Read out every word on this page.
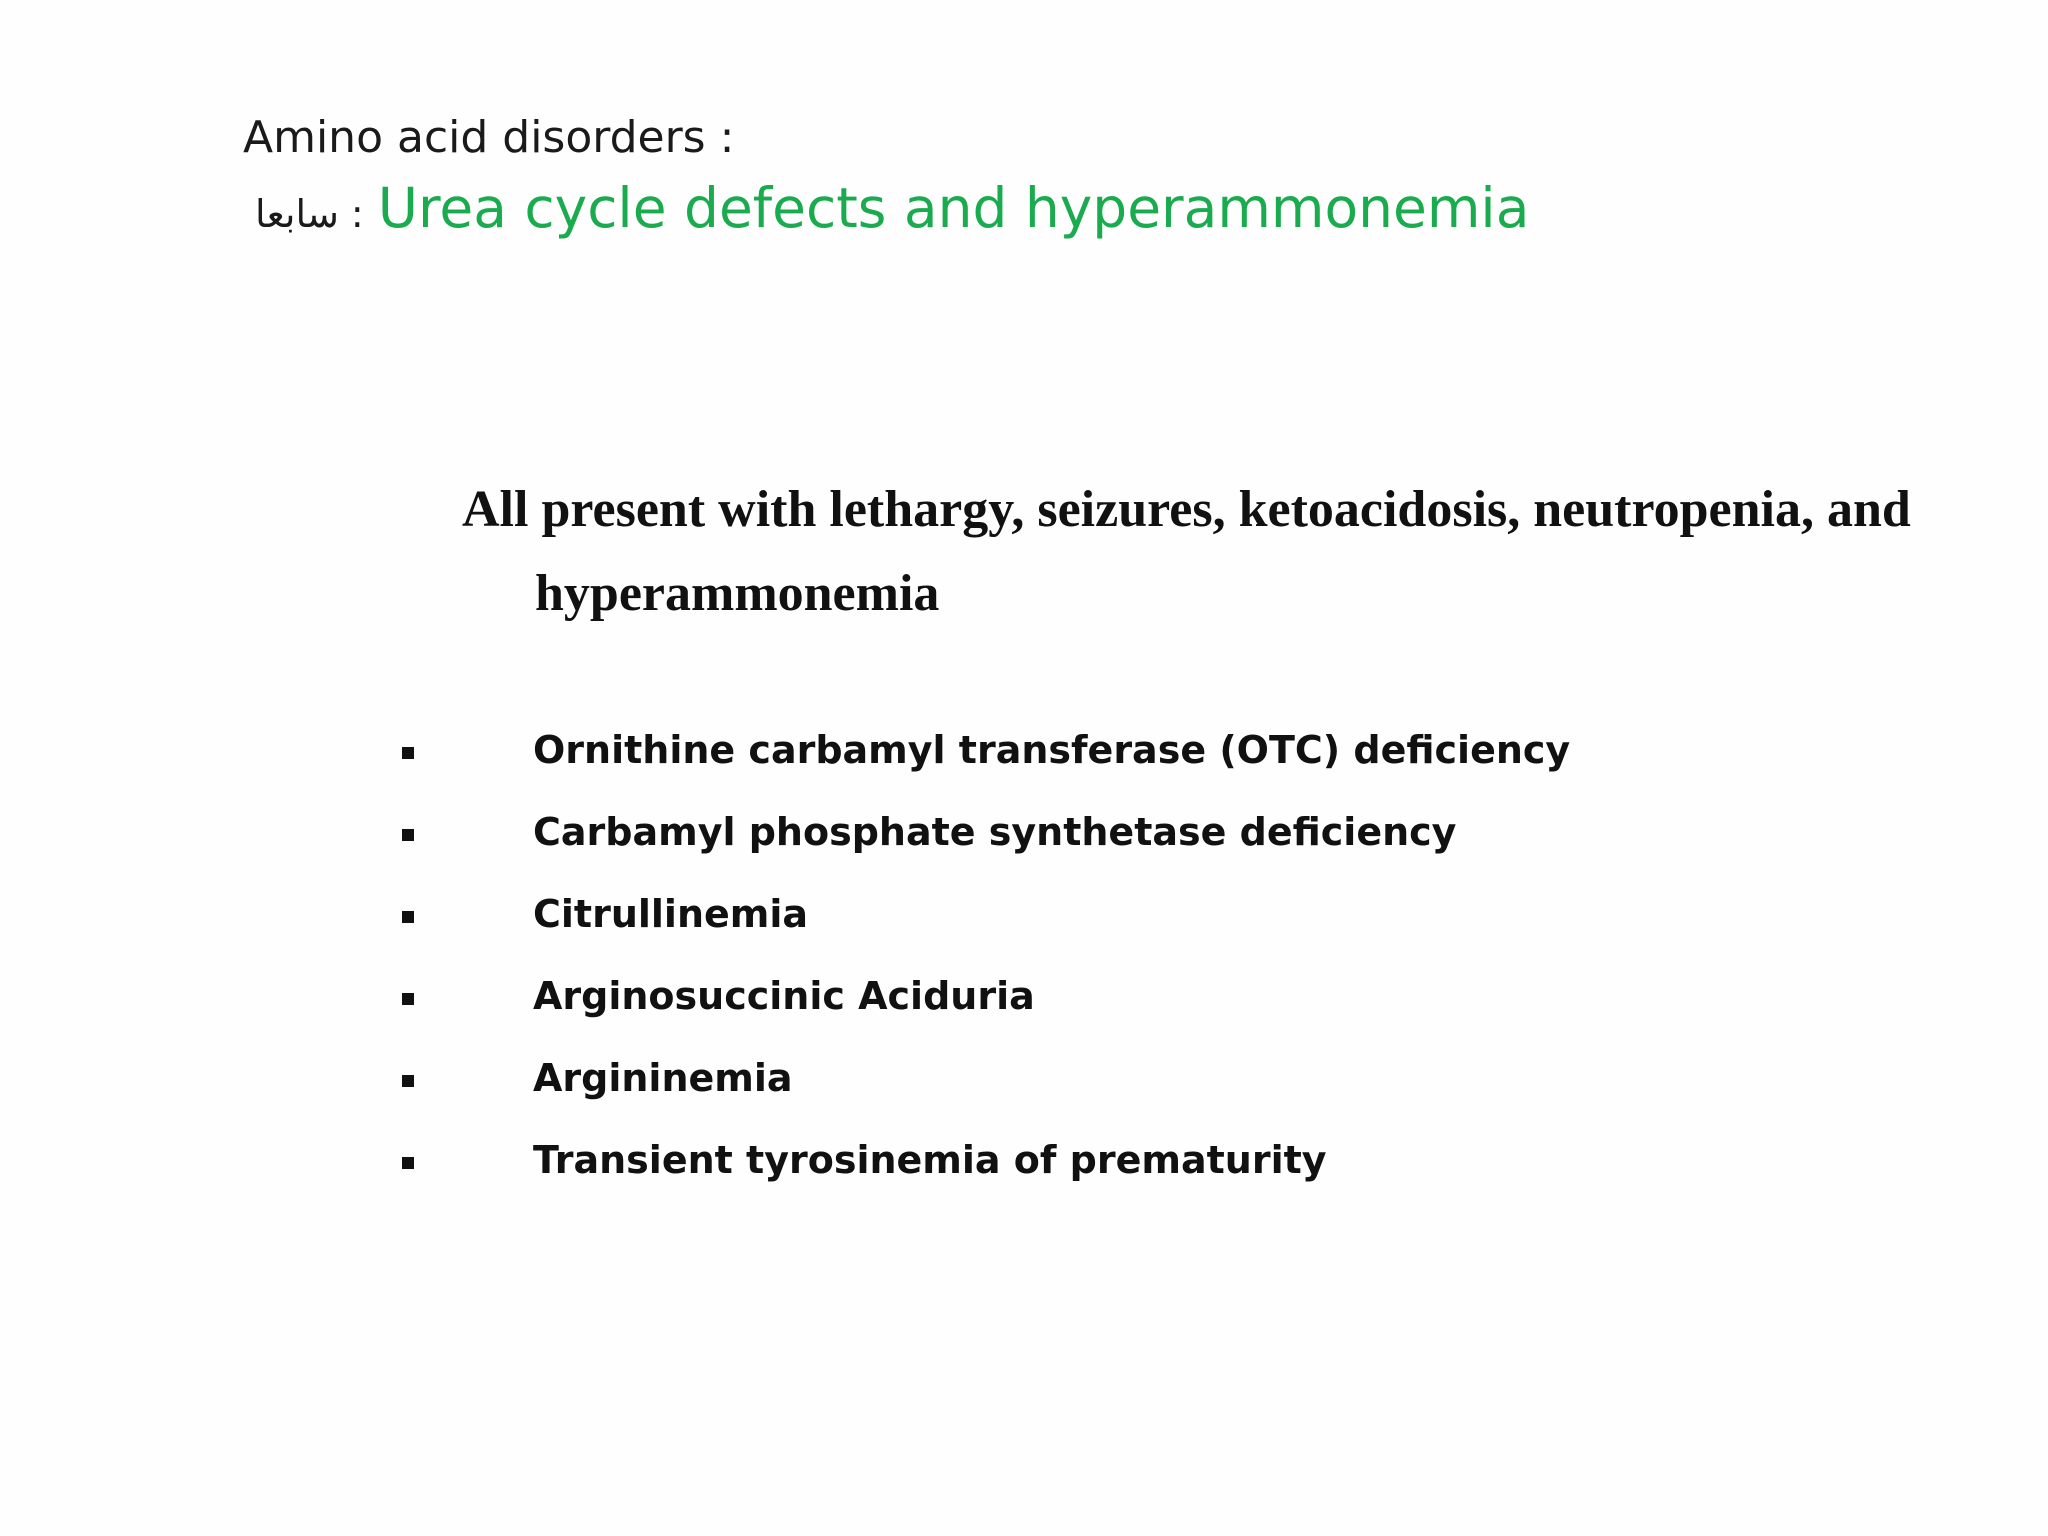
Amino acid disorders :
سابعا : Urea cycle defects and hyperammonemia

All present with lethargy, seizures, ketoacidosis, neutropenia, and hyperammonemia

Ornithine carbamyl transferase (OTC) deficiency
Carbamyl phosphate synthetase deficiency
Citrullinemia
Arginosuccinic Aciduria
Argininemia
Transient tyrosinemia of prematurity
